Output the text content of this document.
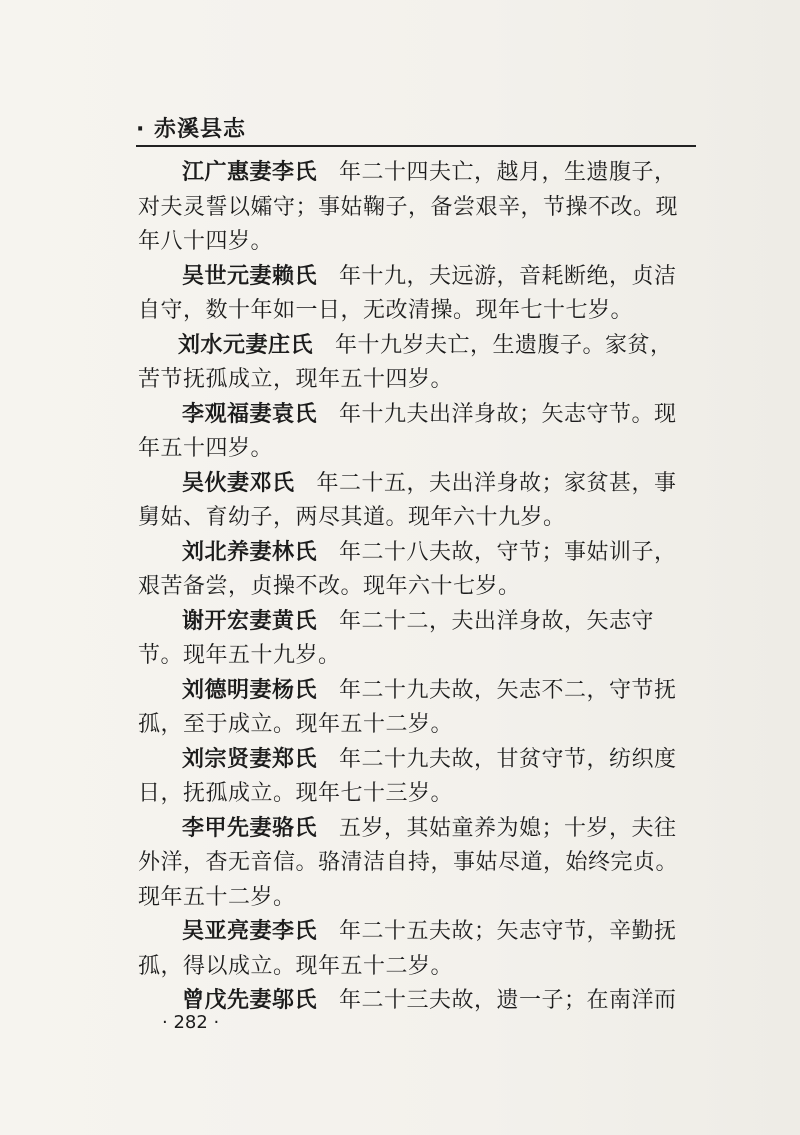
· 赤溪县志
江广惠妻李氏 年二十四夫亡，越月，生遗腹子，
对夫灵誓以孀守；事姑鞠子，备尝艰辛，节操不改。现
年八十四岁。
吴世元妻赖氏 年十九，夫远游，音耗断绝，贞洁
自守，数十年如一日，无改清操。现年七十七岁。
刘水元妻庄氏 年十九岁夫亡，生遗腹子。家贫，
苦节抚孤成立，现年五十四岁。
李观福妻袁氏 年十九夫出洋身故；矢志守节。现
年五十四岁。
吴伙妻邓氏 年二十五，夫出洋身故；家贫甚，事
舅姑、育幼子，两尽其道。现年六十九岁。
刘北养妻林氏 年二十八夫故，守节；事姑训子，
艰苦备尝，贞操不改。现年六十七岁。
谢开宏妻黄氏 年二十二，夫出洋身故，矢志守
节。现年五十九岁。
刘德明妻杨氏 年二十九夫故，矢志不二，守节抚
孤，至于成立。现年五十二岁。
刘宗贤妻郑氏 年二十九夫故，甘贫守节，纺织度
日，抚孤成立。现年七十三岁。
李甲先妻骆氏 五岁，其姑童养为媳；十岁，夫往
外洋，杳无音信。骆清洁自持，事姑尽道，始终完贞。
现年五十二岁。
吴亚亮妻李氏 年二十五夫故；矢志守节，辛勤抚
孤，得以成立。现年五十二岁。
曾戊先妻邬氏 年二十三夫故，遗一子；在南洋而
· 282 ·
